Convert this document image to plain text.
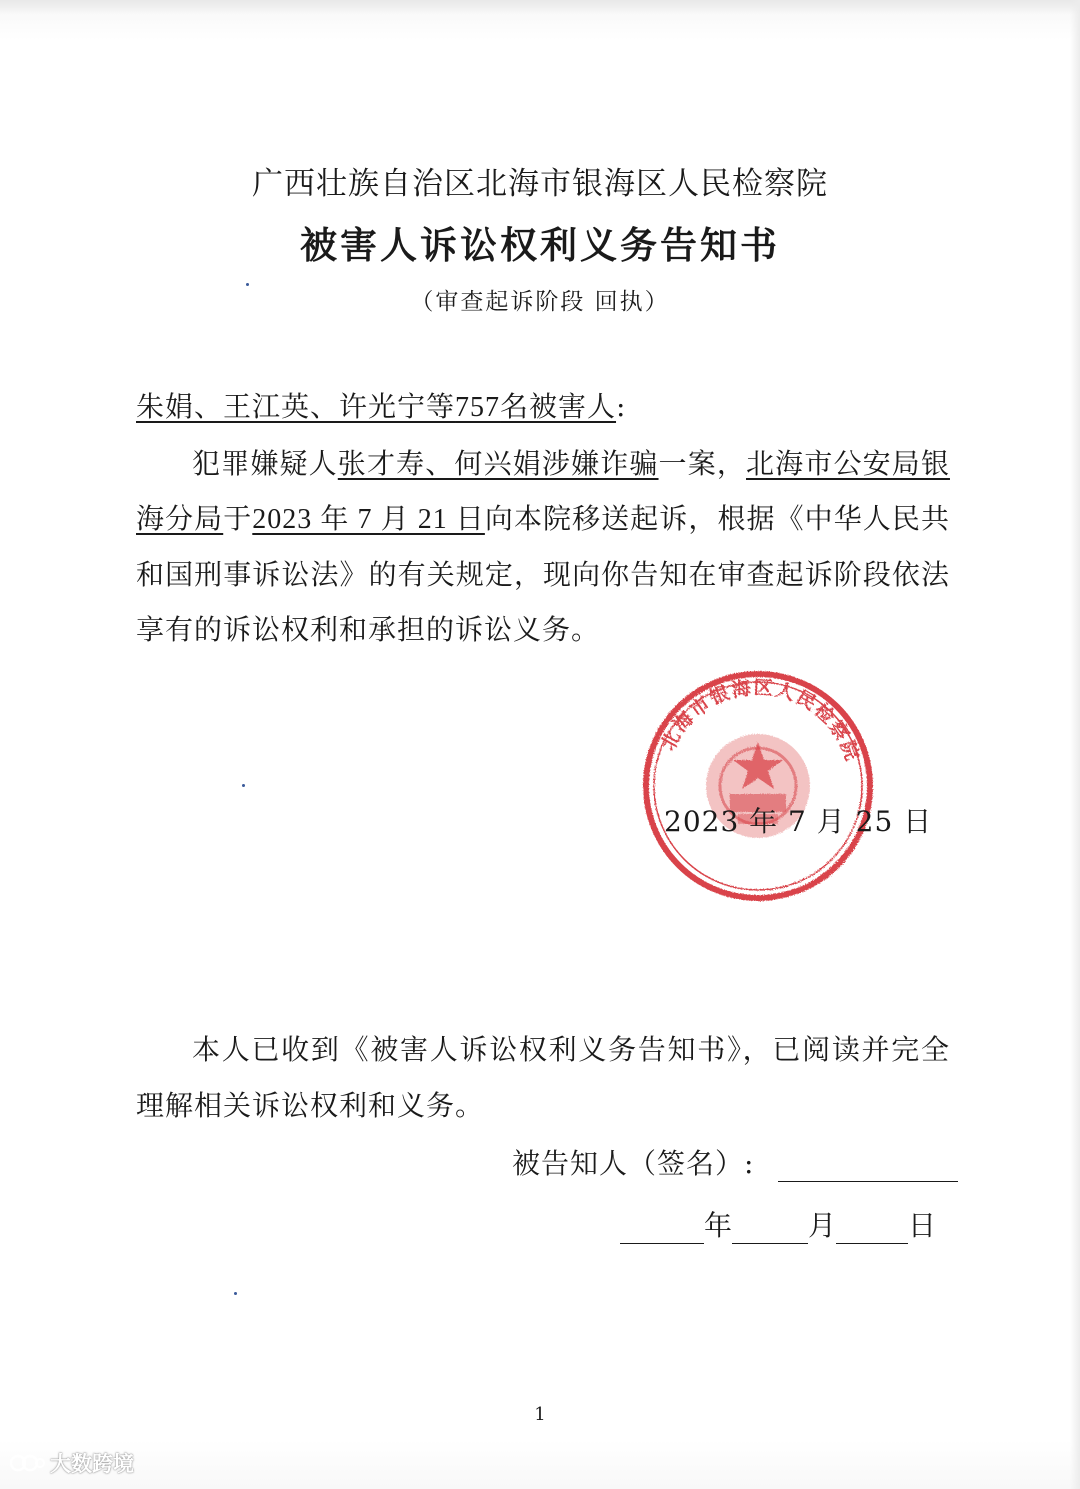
广西壮族自治区北海市银海区人民检察院
被害人诉讼权利义务告知书
（审查起诉阶段 回执）
朱娟、王江英、许光宁等757名被害人:
犯罪嫌疑人张才寿、何兴娟涉嫌诈骗一案，北海市公安局银海分局于2023 年 7 月 21 日向本院移送起诉，根据《中华人民共和国刑事诉讼法》的有关规定，现向你告知在审查起诉阶段依法享有的诉讼权利和承担的诉讼义务。
北海市银海区人民检察院
2023 年 7 月 25 日
本人已收到《被害人诉讼权利义务告知书》，已阅读并完全理解相关诉讼权利和义务。
被告知人（签名）:
年	月	日
1
大数跨境
